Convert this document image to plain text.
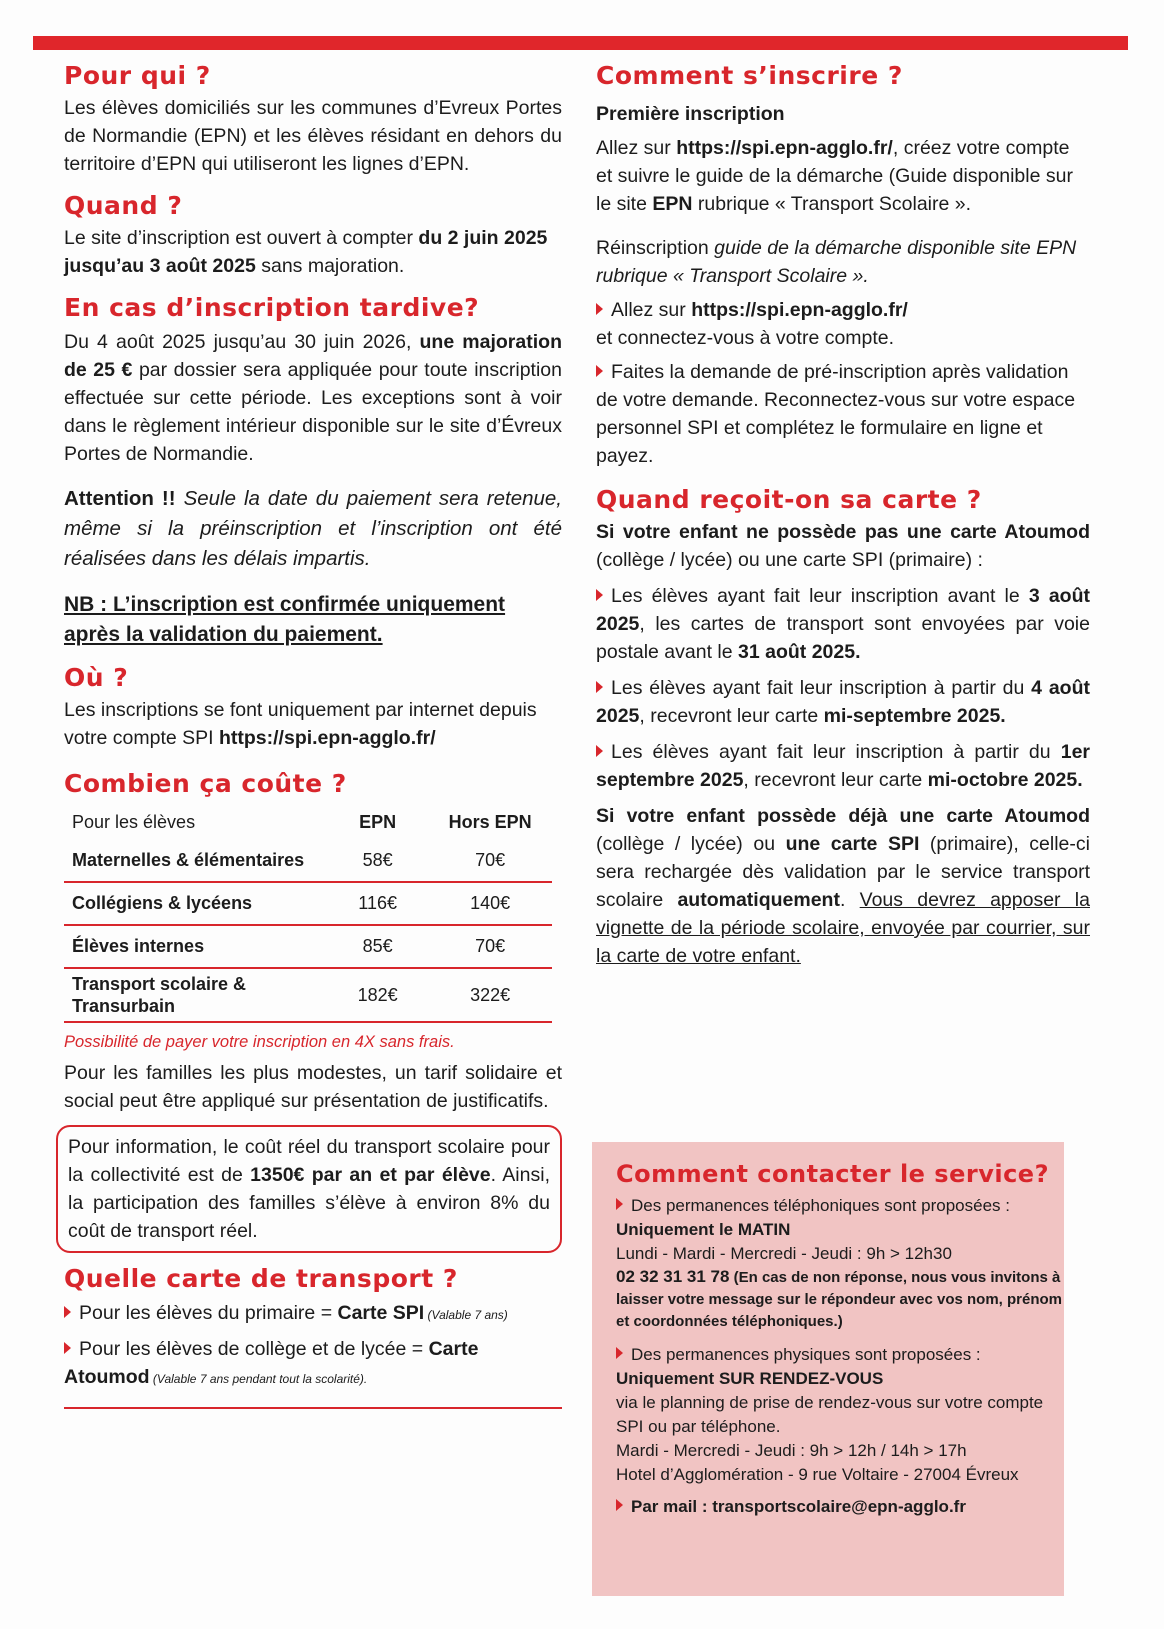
Pour qui ?

Les élèves domiciliés sur les communes d’Evreux Portes de Normandie (EPN) et les élèves résidant en dehors du territoire d’EPN qui utiliseront les lignes d’EPN.

Quand ?

Le site d’inscription est ouvert à compter du 2 juin 2025 jusqu’au 3 août 2025 sans majoration.

En cas d’inscription tardive?

Du 4 août 2025 jusqu’au 30 juin 2026, une majoration de 25 € par dossier sera appliquée pour toute inscription effectuée sur cette période. Les exceptions sont à voir dans le règlement intérieur disponible sur le site d’Évreux Portes de Normandie.

Attention !! Seule la date du paiement sera retenue, même si la préinscription et l’inscription ont été réalisées dans les délais impartis.

NB : L’inscription est confirmée uniquement après la validation du paiement.

Où ?

Les inscriptions se font uniquement par internet depuis votre compte SPI https://spi.epn-agglo.fr/

Combien ça coûte ?
Pour les élèves	EPN	Hors EPN
Maternelles & élémentaires	58€	70€
Collégiens & lycéens	116€	140€
Élèves internes	85€	70€
Transport scolaire & Transurbain	182€	322€

Possibilité de payer votre inscription en 4X sans frais.

Pour les familles les plus modestes, un tarif solidaire et social peut être appliqué sur présentation de justificatifs.

Pour information, le coût réel du transport scolaire pour la collectivité est de 1350€ par an et par élève. Ainsi, la participation des familles s’élève à environ 8% du coût de transport réel.

Quelle carte de transport ?

Pour les élèves du primaire = Carte SPI (Valable 7 ans)

Pour les élèves de collège et de lycée = Carte Atoumod (Valable 7 ans pendant tout la scolarité).

Comment s’inscrire ?

Première inscription

Allez sur https://spi.epn-agglo.fr/, créez votre compte et suivre le guide de la démarche (Guide disponible sur le site EPN rubrique « Transport Scolaire ».

Réinscription guide de la démarche disponible site EPN rubrique « Transport Scolaire ».

Allez sur https://spi.epn-agglo.fr/
et connectez-vous à votre compte.

Faites la demande de pré-inscription après validation de votre demande. Reconnectez-vous sur votre espace personnel SPI et complétez le formulaire en ligne et payez.

Quand reçoit-on sa carte ?

Si votre enfant ne possède pas une carte Atoumod (collège / lycée) ou une carte SPI (primaire) :

Les élèves ayant fait leur inscription avant le 3 août 2025, les cartes de transport sont envoyées par voie postale avant le 31 août 2025.

Les élèves ayant fait leur inscription à partir du 4 août 2025, recevront leur carte mi-septembre 2025.

Les élèves ayant fait leur inscription à partir du 1er septembre 2025, recevront leur carte mi-octobre 2025.

Si votre enfant possède déjà une carte Atoumod (collège / lycée) ou une carte SPI (primaire), celle-ci sera rechargée dès validation par le service transport scolaire automatiquement. Vous devrez apposer la vignette de la période scolaire, envoyée par courrier, sur la carte de votre enfant.

Comment contacter le service?

Des permanences téléphoniques sont proposées :

Uniquement le MATIN

Lundi - Mardi - Mercredi - Jeudi : 9h > 12h30

02 32 31 31 78 (En cas de non réponse, nous vous invitons à laisser votre message sur le répondeur avec vos nom, prénom et coordonnées téléphoniques.)

Des permanences physiques sont proposées :

Uniquement SUR RENDEZ-VOUS

via le planning de prise de rendez-vous sur votre compte SPI ou par téléphone.

Mardi - Mercredi - Jeudi : 9h > 12h / 14h > 17h

Hotel d’Agglomération - 9 rue Voltaire - 27004 Évreux

Par mail : transportscolaire@epn-agglo.fr
